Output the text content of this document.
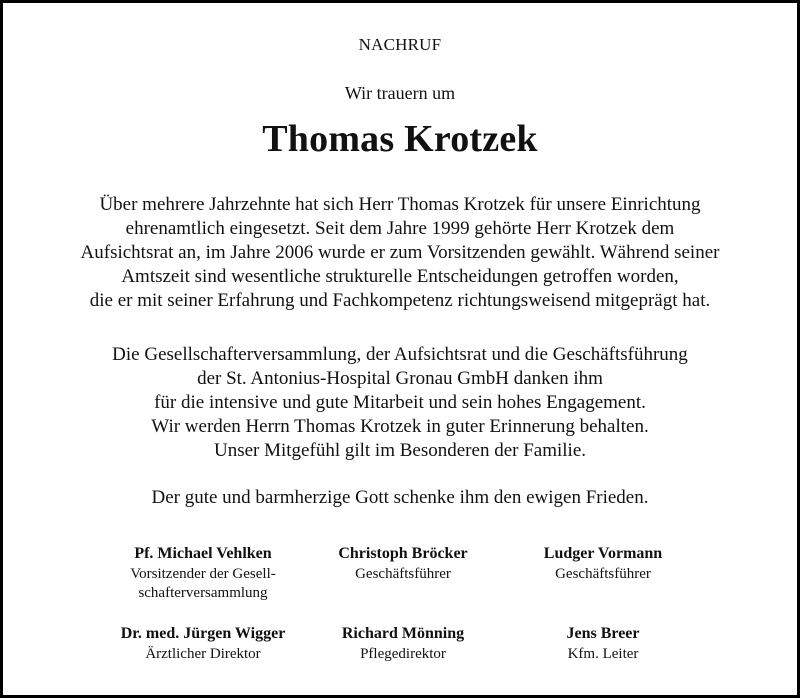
NACHRUF
Wir trauern um
Thomas Krotzek
Über mehrere Jahrzehnte hat sich Herr Thomas Krotzek für unsere Einrichtung
ehrenamtlich eingesetzt. Seit dem Jahre 1999 gehörte Herr Krotzek dem
Aufsichtsrat an, im Jahre 2006 wurde er zum Vorsitzenden gewählt. Während seiner
Amtszeit sind wesentliche strukturelle Entscheidungen getroffen worden,
die er mit seiner Erfahrung und Fachkompetenz richtungsweisend mitgeprägt hat.
Die Gesellschafterversammlung, der Aufsichtsrat und die Geschäftsführung
der St. Antonius-Hospital Gronau GmbH danken ihm
für die intensive und gute Mitarbeit und sein hohes Engagement.
Wir werden Herrn Thomas Krotzek in guter Erinnerung behalten.
Unser Mitgefühl gilt im Besonderen der Familie.
Der gute und barmherzige Gott schenke ihm den ewigen Frieden.
Pf. Michael Vehlken
Vorsitzender der Gesell-
schafterversammlung
Christoph Bröcker
Geschäftsführer
Ludger Vormann
Geschäftsführer
Dr. med. Jürgen Wigger
Ärztlicher Direktor
Richard Mönning
Pflegedirektor
Jens Breer
Kfm. Leiter
